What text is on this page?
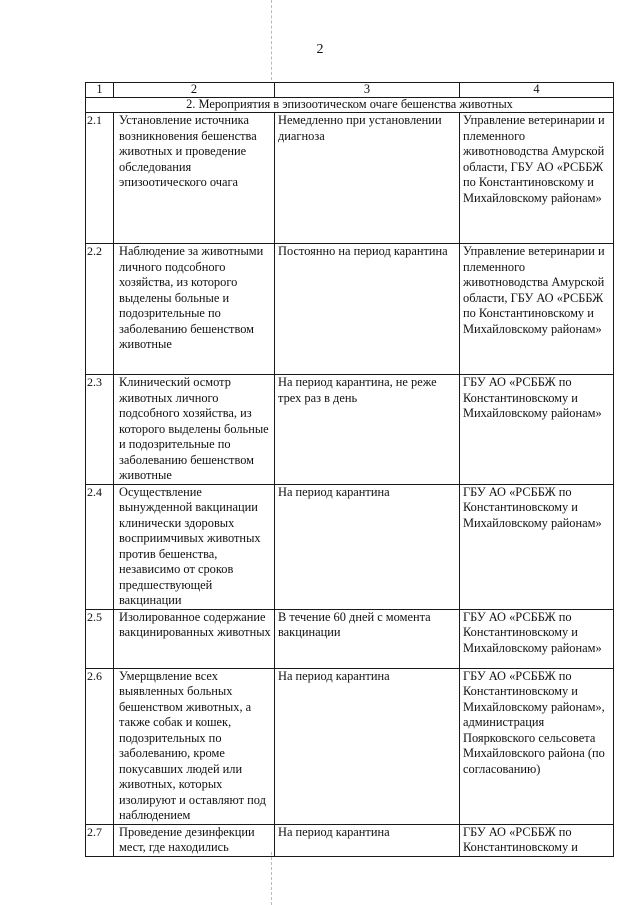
2
1	2	3	4
2. Мероприятия в эпизоотическом очаге бешенства животных			
2.1	Установление источника возникновения бешенства животных и проведение обследования эпизоотического очага	Немедленно при установлении диагноза	Управление ветеринарии и племенного животноводства Амурской области, ГБУ АО «РСББЖ по Константиновскому и Михайловскому районам»
2.2	Наблюдение за животными личного подсобного хозяйства, из которого выделены больные и подозрительные по заболеванию бешенством животные	Постоянно на период карантина	Управление ветеринарии и племенного животноводства Амурской области, ГБУ АО «РСББЖ по Константиновскому и Михайловскому районам»
2.3	Клинический осмотр животных личного подсобного хозяйства, из которого выделены больные и подозрительные по заболеванию бешенством животные	На период карантина, не реже трех раз в день	ГБУ АО «РСББЖ по Константиновскому и Михайловскому районам»
2.4	Осуществление вынужденной вакцинации клинически здоровых восприимчивых животных против бешенства, независимо от сроков предшествующей вакцинации	На период карантина	ГБУ АО «РСББЖ по Константиновскому и Михайловскому районам»
2.5	Изолированное содержание вакцинированных животных	В течение 60 дней с момента вакцинации	ГБУ АО «РСББЖ по Константиновскому и Михайловскому районам»
2.6	Умерщвление всех выявленных больных бешенством животных, а также собак и кошек, подозрительных по заболеванию, кроме покусавших людей или животных, которых изолируют и оставляют под наблюдением	На период карантина	ГБУ АО «РСББЖ по Константиновскому и Михайловскому районам», администрация Поярковского сельсовета Михайловского района (по согласованию)
2.7	Проведение дезинфекции мест, где находились	На период карантина	ГБУ АО «РСББЖ по Константиновскому и
